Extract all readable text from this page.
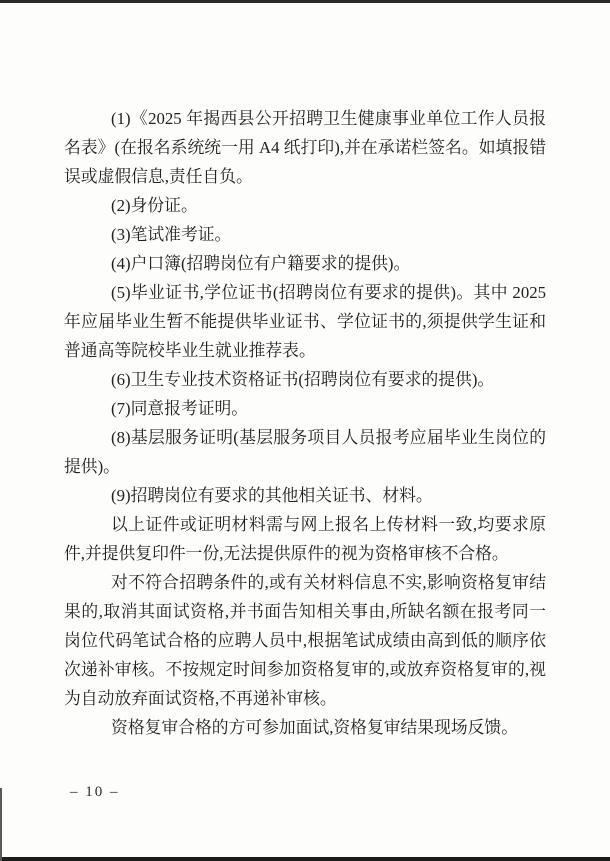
(1)《2025 年揭西县公开招聘卫生健康事业单位工作人员报名表》(在报名系统统一用 A4 纸打印),并在承诺栏签名。如填报错误或虚假信息,责任自负。

(2)身份证。

(3)笔试准考证。

(4)户口簿(招聘岗位有户籍要求的提供)。

(5)毕业证书,学位证书(招聘岗位有要求的提供)。其中 2025 年应届毕业生暂不能提供毕业证书、学位证书的,须提供学生证和普通高等院校毕业生就业推荐表。

(6)卫生专业技术资格证书(招聘岗位有要求的提供)。

(7)同意报考证明。

(8)基层服务证明(基层服务项目人员报考应届毕业生岗位的提供)。

(9)招聘岗位有要求的其他相关证书、材料。

以上证件或证明材料需与网上报名上传材料一致,均要求原件,并提供复印件一份,无法提供原件的视为资格审核不合格。

对不符合招聘条件的,或有关材料信息不实,影响资格复审结果的,取消其面试资格,并书面告知相关事由,所缺名额在报考同一岗位代码笔试合格的应聘人员中,根据笔试成绩由高到低的顺序依次递补审核。不按规定时间参加资格复审的,或放弃资格复审的,视为自动放弃面试资格,不再递补审核。

资格复审合格的方可参加面试,资格复审结果现场反馈。

– 10 –
